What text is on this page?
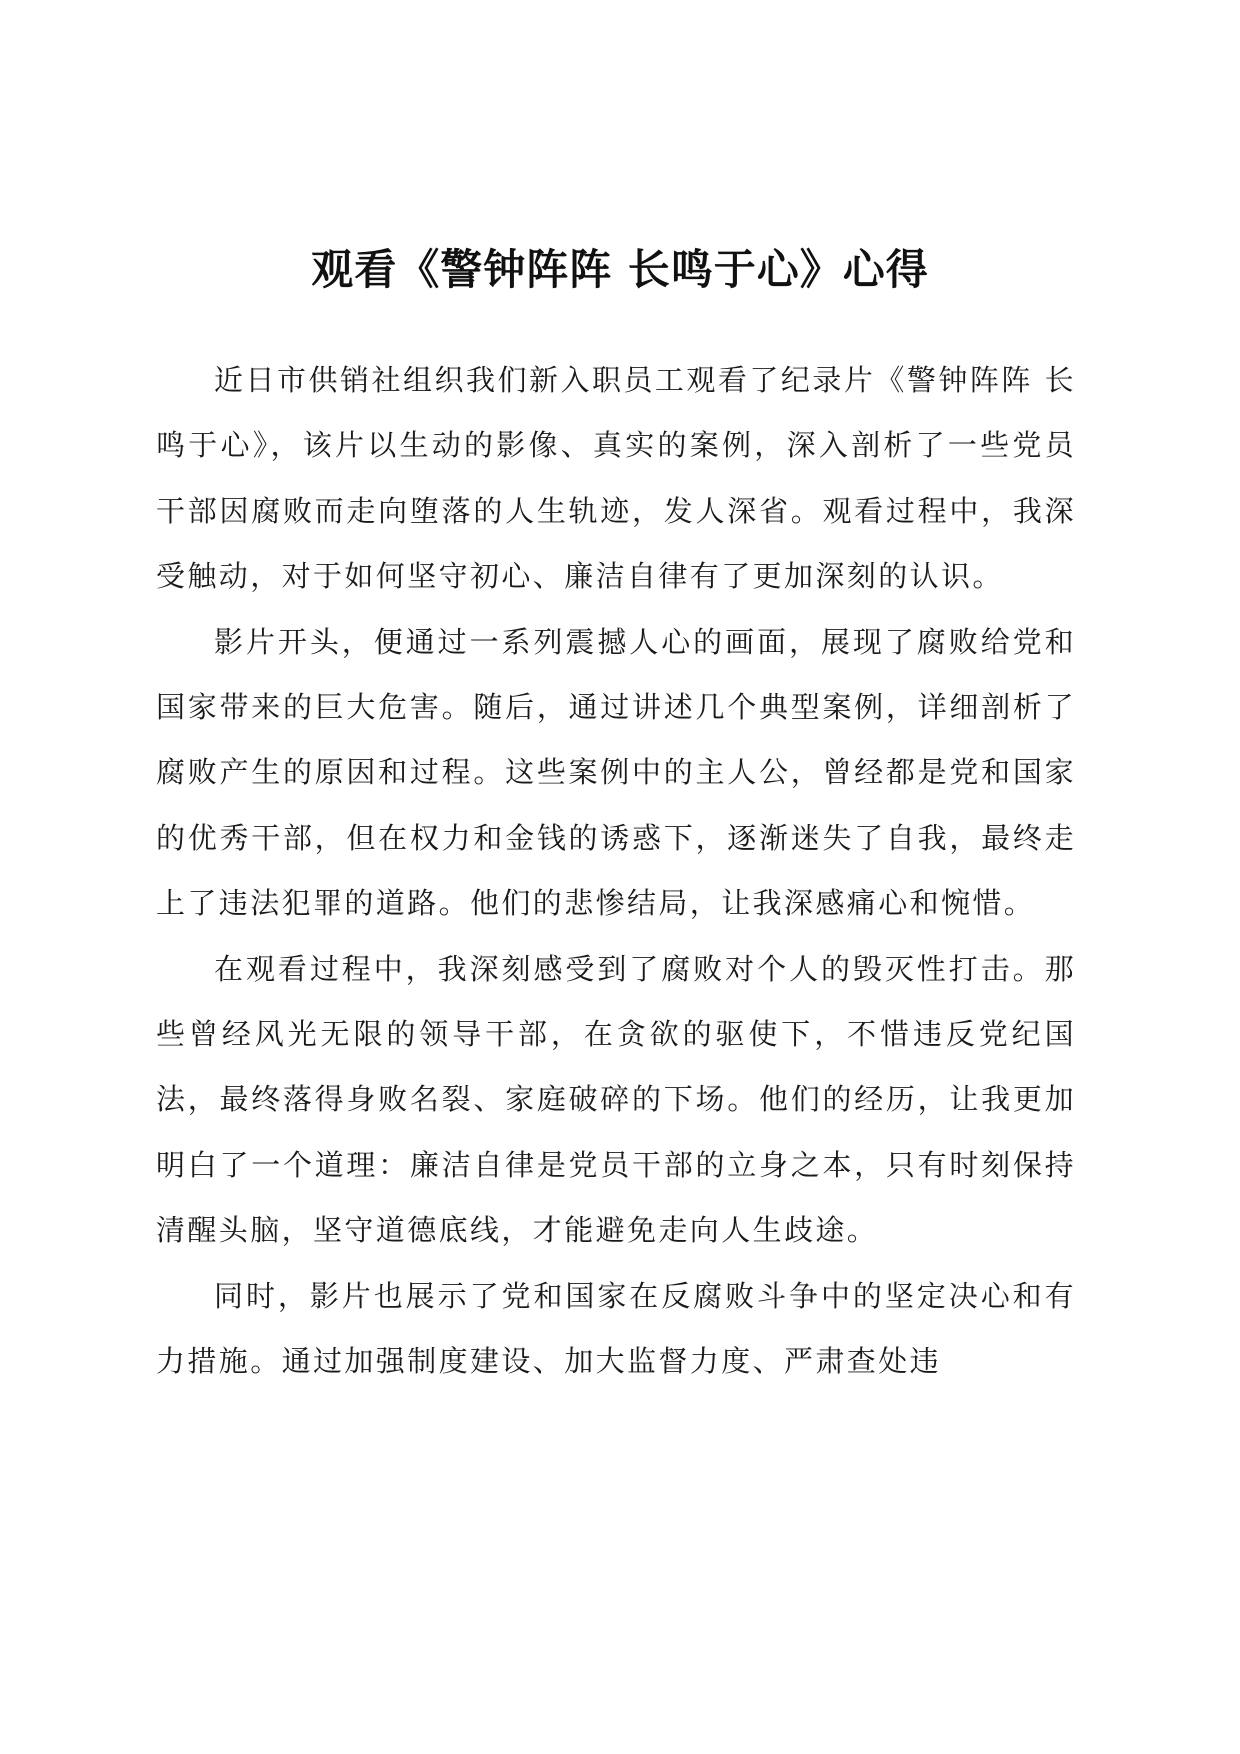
观看《警钟阵阵 长鸣于心》心得

近日市供销社组织我们新入职员工观看了纪录片《警钟阵阵 长鸣于心》，该片以生动的影像、真实的案例，深入剖析了一些党员干部因腐败而走向堕落的人生轨迹，发人深省。观看过程中，我深受触动，对于如何坚守初心、廉洁自律有了更加深刻的认识。

影片开头，便通过一系列震撼人心的画面，展现了腐败给党和国家带来的巨大危害。随后，通过讲述几个典型案例，详细剖析了腐败产生的原因和过程。这些案例中的主人公，曾经都是党和国家的优秀干部，但在权力和金钱的诱惑下，逐渐迷失了自我，最终走上了违法犯罪的道路。他们的悲惨结局，让我深感痛心和惋惜。

在观看过程中，我深刻感受到了腐败对个人的毁灭性打击。那些曾经风光无限的领导干部，在贪欲的驱使下，不惜违反党纪国法，最终落得身败名裂、家庭破碎的下场。他们的经历，让我更加明白了一个道理：廉洁自律是党员干部的立身之本，只有时刻保持清醒头脑，坚守道德底线，才能避免走向人生歧途。

同时，影片也展示了党和国家在反腐败斗争中的坚定决心和有力措施。通过加强制度建设、加大监督力度、严肃查处违
